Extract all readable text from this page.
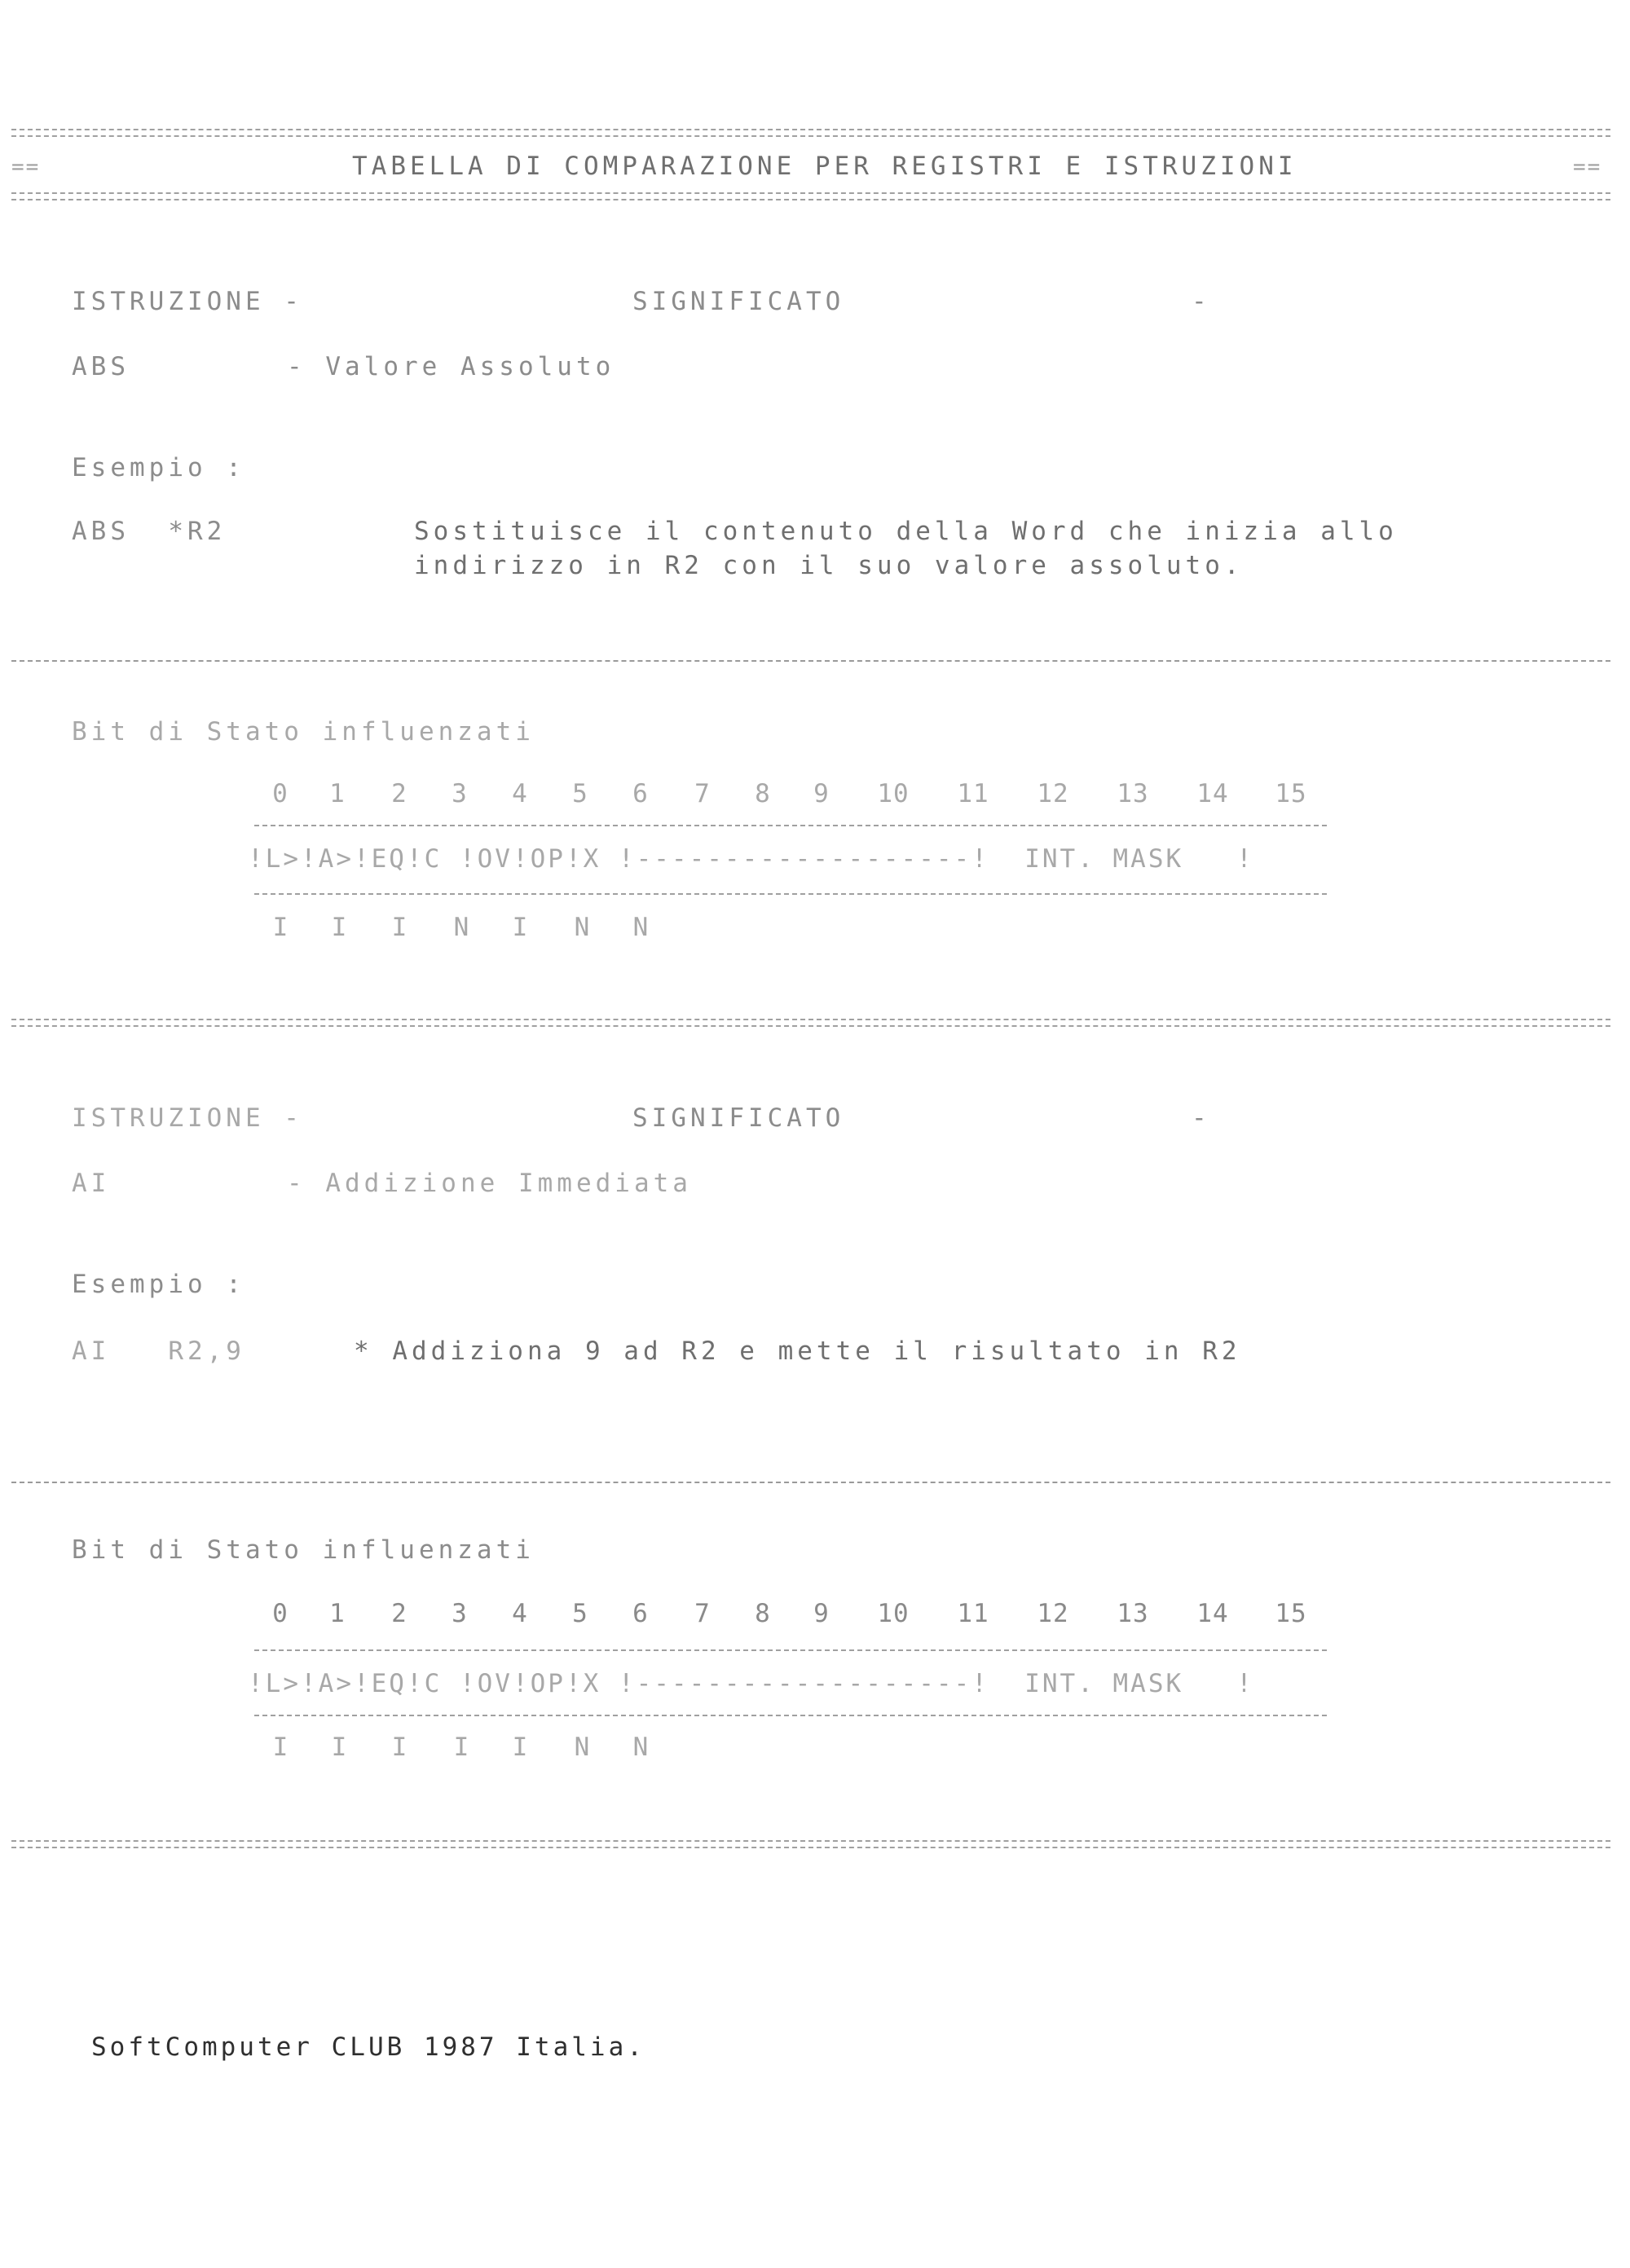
==	TABELLA DI COMPARAZIONE PER REGISTRI E ISTRUZIONI	==
ISTRUZIONE -	SIGNIFICATO	-
ABS	- Valore Assoluto
Esempio :
ABS  *R2	Sostituisce il contenuto della Word che inizia allo
indirizzo in R2 con il suo valore assoluto.
Bit di Stato influenzati
0	1	2	3	4	5	6	7	8	9	10	11	12	13	14	15
!L>!A>!EQ!C !OV!OP!X !-------------------!  INT. MASK   !
I	I	I	N	I	N	N
ISTRUZIONE -	SIGNIFICATO	-
AI	- Addizione Immediata
Esempio :
AI   R2,9	* Addiziona 9 ad R2 e mette il risultato in R2
Bit di Stato influenzati
0	1	2	3	4	5	6	7	8	9	10	11	12	13	14	15
!L>!A>!EQ!C !OV!OP!X !-------------------!  INT. MASK   !
I	I	I	I	I	N	N
SoftComputer CLUB 1987 Italia.
